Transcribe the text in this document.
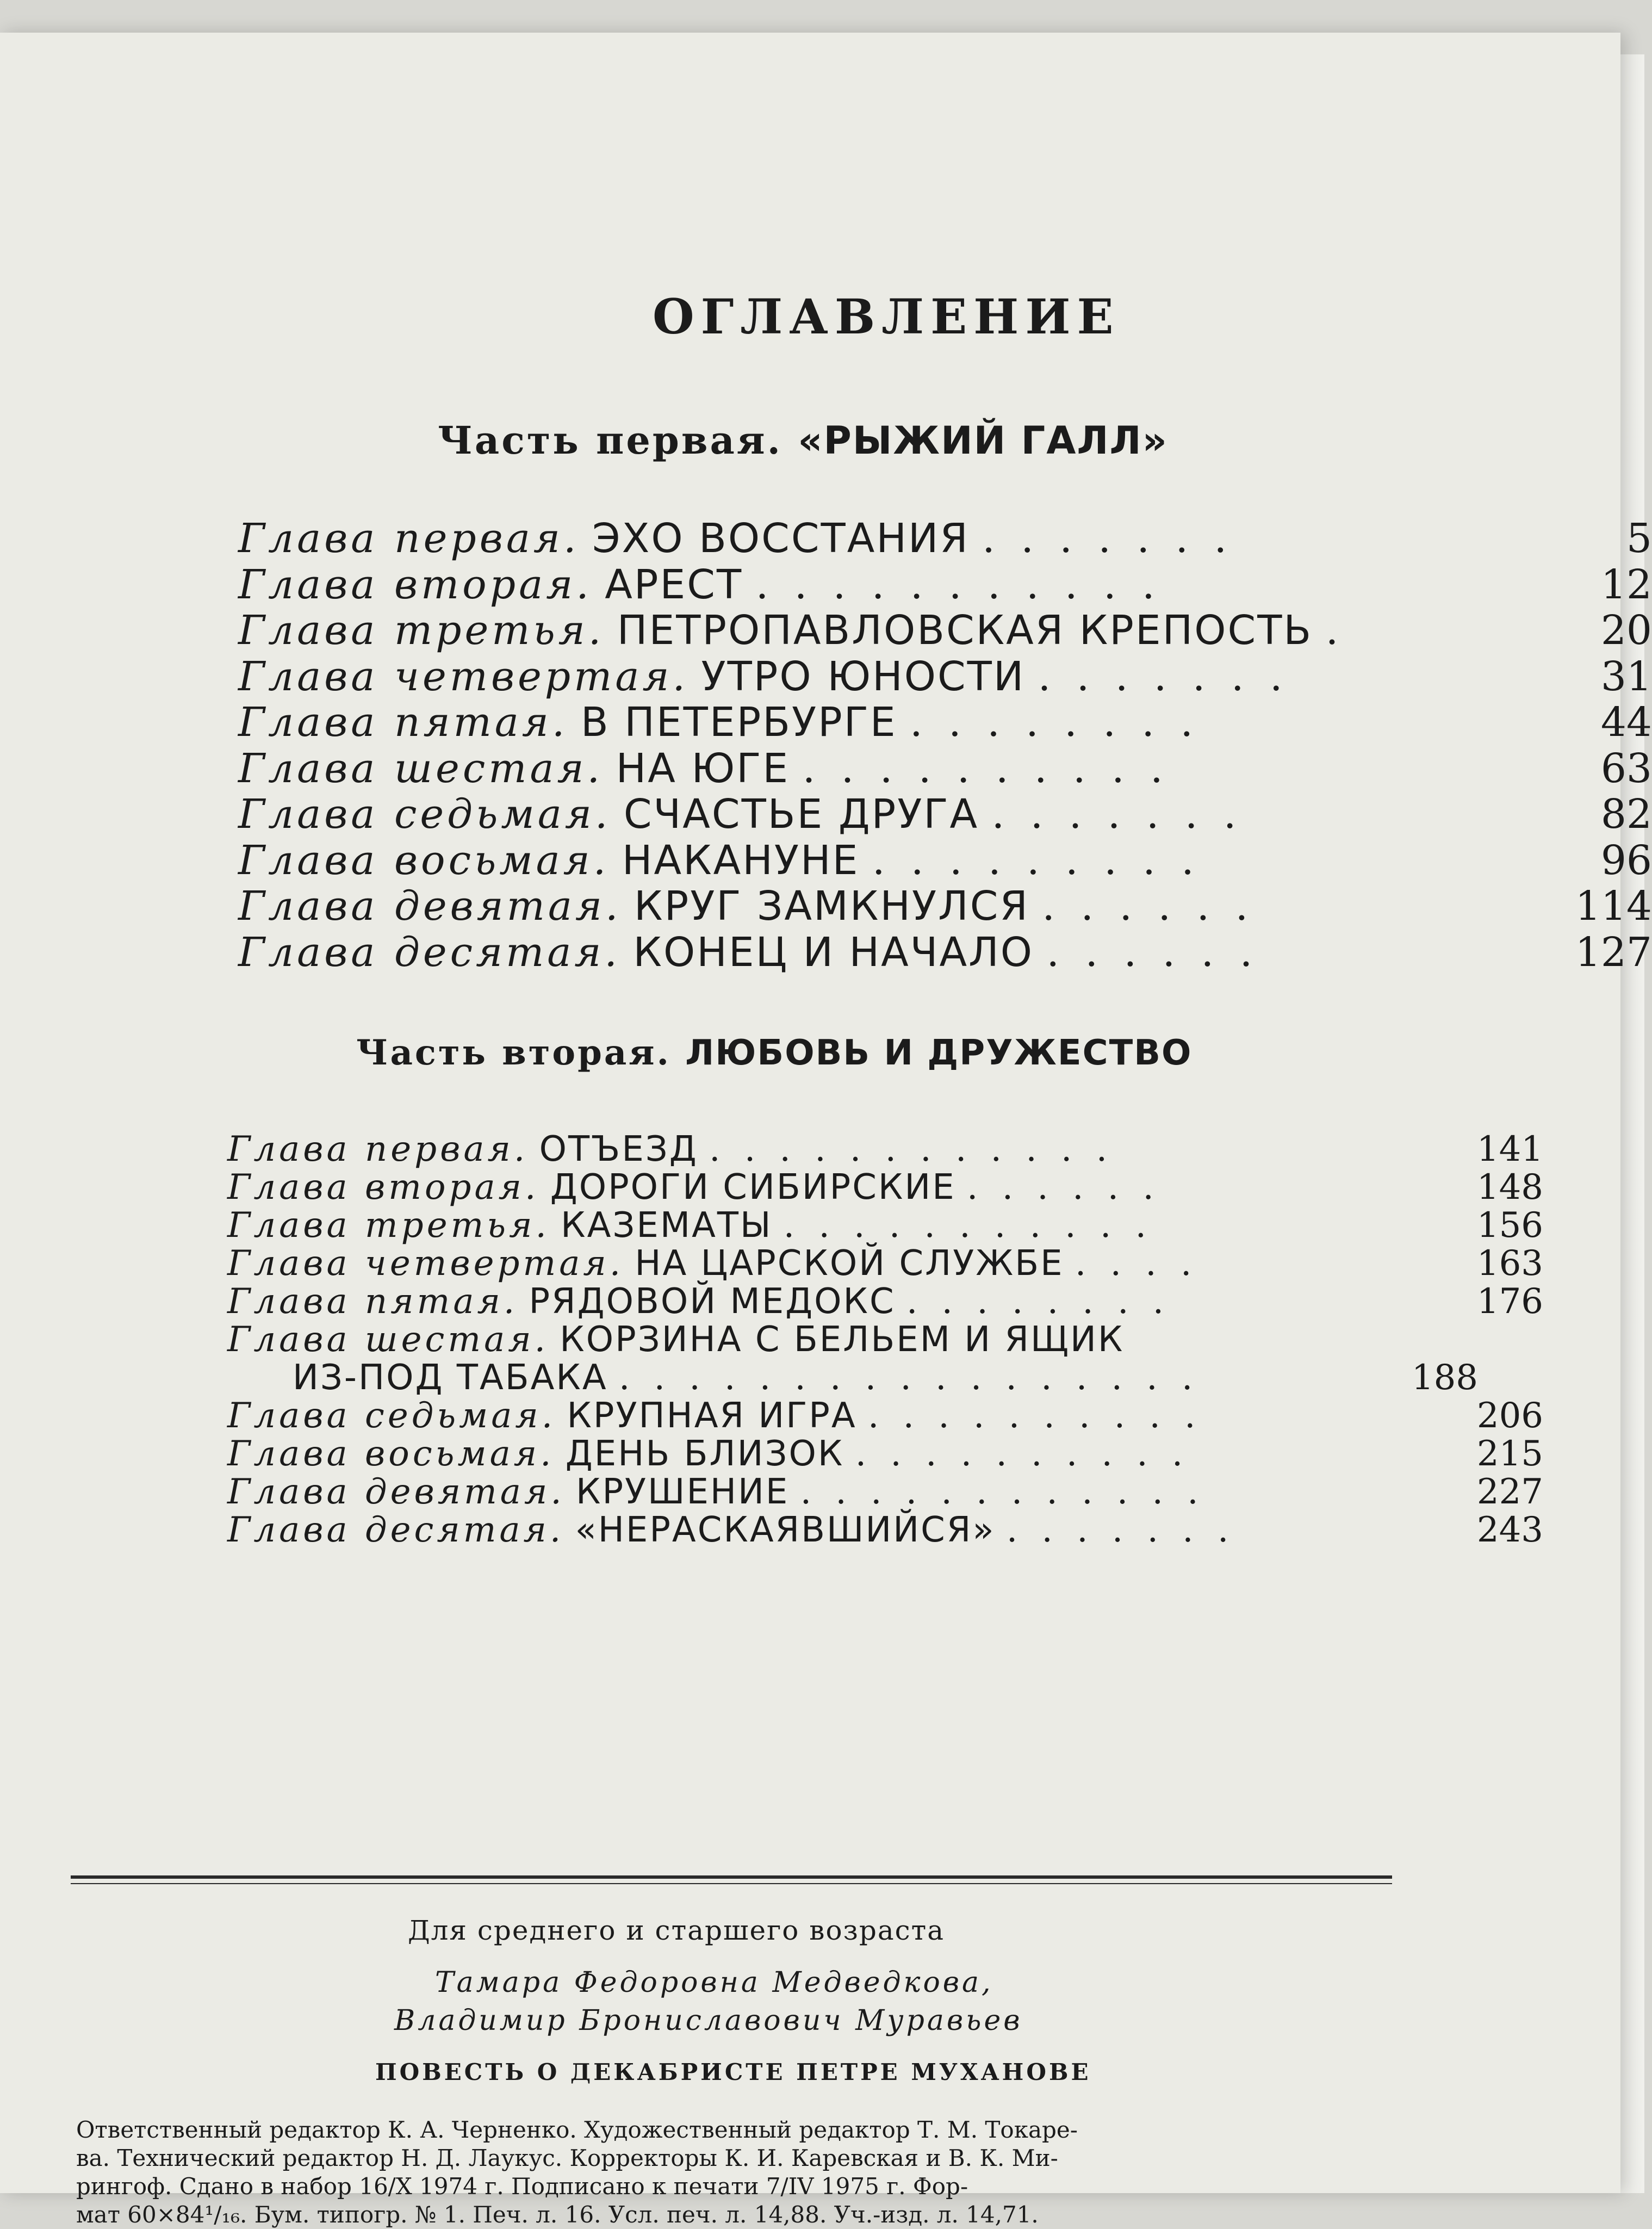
ОГЛАВЛЕНИЕ
Часть первая. «РЫЖИЙ ГАЛЛ»
Глава первая. ЭХО ВОССТАНИЯ . . . . . . .	5
Глава вторая. АРЕСТ . . . . . . . . . . .	12
Глава третья. ПЕТРОПАВЛОВСКАЯ КРЕПОСТЬ .	20
Глава четвертая. УТРО ЮНОСТИ . . . . . . .	31
Глава пятая. В ПЕТЕРБУРГЕ . . . . . . . .	44
Глава шестая. НА ЮГЕ . . . . . . . . . .	63
Глава седьмая. СЧАСТЬЕ ДРУГА . . . . . . .	82
Глава восьмая. НАКАНУНЕ . . . . . . . . .	96
Глава девятая. КРУГ ЗАМКНУЛСЯ . . . . . .	114
Глава десятая. КОНЕЦ И НАЧАЛО . . . . . .	127
Часть вторая. ЛЮБОВЬ И ДРУЖЕСТВО
Глава первая. ОТЪЕЗД . . . . . . . . . . . .	141
Глава вторая. ДОРОГИ СИБИРСКИЕ . . . . . .	148
Глава третья. КАЗЕМАТЫ . . . . . . . . . . .	156
Глава четвертая. НА ЦАРСКОЙ СЛУЖБЕ . . . .	163
Глава пятая. РЯДОВОЙ МЕДОКС . . . . . . . .	176
Глава шестая. КОРЗИНА С БЕЛЬЕМ И ЯЩИК
ИЗ-ПОД ТАБАКА . . . . . . . . . . . . . . . . .	188
Глава седьмая. КРУПНАЯ ИГРА . . . . . . . . . .	206
Глава восьмая. ДЕНЬ БЛИЗОК . . . . . . . . . .	215
Глава девятая. КРУШЕНИЕ . . . . . . . . . . . .	227
Глава десятая. «НЕРАСКАЯВШИЙСЯ» . . . . . . .	243
Для среднего и старшего возраста
Тамара Федоровна Медведкова,
Владимир Брониславович Муравьев
ПОВЕСТЬ О ДЕКАБРИСТЕ ПЕТРЕ МУХАНОВЕ
Ответственный редактор К. А. Черненко. Художественный редактор Т. М. Токаре-
ва. Технический редактор Н. Д. Лаукус. Корректоры К. И. Каревская и В. К. Ми-
рингоф. Сдано в набор 16/X 1974 г. Подписано к печати 7/IV 1975 г. Фор-
мат 60×84¹/₁₆. Бум. типогр. № 1. Печ. л. 16. Усл. печ. л. 14,88. Уч.-изд. л. 14,71.
